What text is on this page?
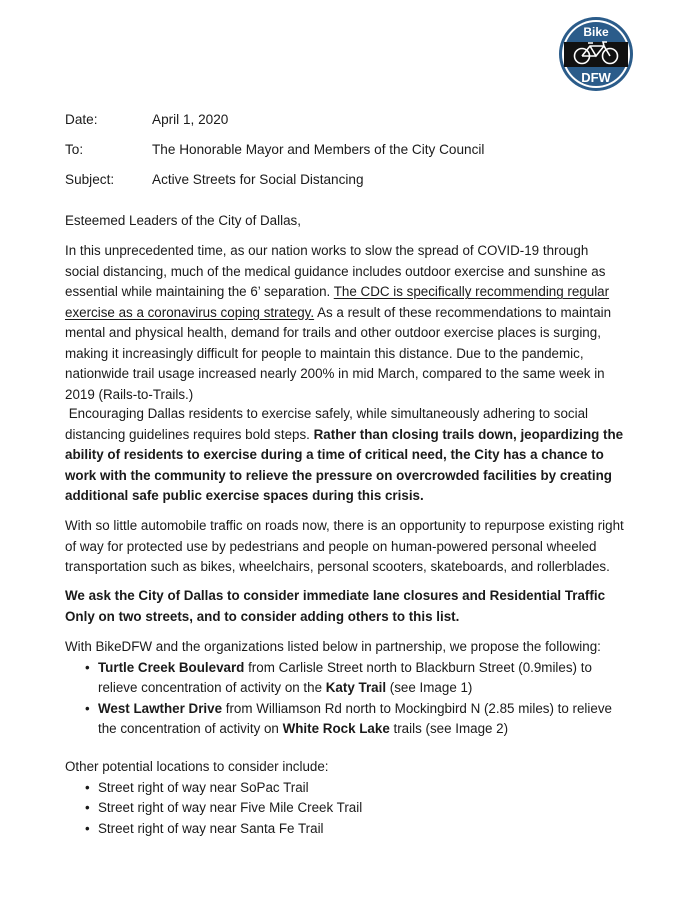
Bike
DFW
Date:	April 1, 2020
To:	The Honorable Mayor and Members of the City Council
Subject:	Active Streets for Social Distancing
Esteemed Leaders of the City of Dallas,
In this unprecedented time, as our nation works to slow the spread of COVID-19 through
social distancing, much of the medical guidance includes outdoor exercise and sunshine as
essential while maintaining the 6’ separation. The CDC is specifically recommending regular
exercise as a coronavirus coping strategy. As a result of these recommendations to maintain
mental and physical health, demand for trails and other outdoor exercise places is surging,
making it increasingly difficult for people to maintain this distance. Due to the pandemic,
nationwide trail usage increased nearly 200% in mid March, compared to the same week in
2019 (Rails-to-Trails.)
Encouraging Dallas residents to exercise safely, while simultaneously adhering to social
distancing guidelines requires bold steps. Rather than closing trails down, jeopardizing the
ability of residents to exercise during a time of critical need, the City has a chance to
work with the community to relieve the pressure on overcrowded facilities by creating
additional safe public exercise spaces during this crisis.
With so little automobile traffic on roads now, there is an opportunity to repurpose existing right
of way for protected use by pedestrians and people on human-powered personal wheeled
transportation such as bikes, wheelchairs, personal scooters, skateboards, and rollerblades.
We ask the City of Dallas to consider immediate lane closures and Residential Traffic
Only on two streets, and to consider adding others to this list.
With BikeDFW and the organizations listed below in partnership, we propose the following:
• Turtle Creek Boulevard from Carlisle Street north to Blackburn Street (0.9miles) to
relieve concentration of activity on the Katy Trail (see Image 1)
• West Lawther Drive from Williamson Rd north to Mockingbird N (2.85 miles) to relieve
the concentration of activity on White Rock Lake trails (see Image 2)
Other potential locations to consider include:
• Street right of way near SoPac Trail
• Street right of way near Five Mile Creek Trail
• Street right of way near Santa Fe Trail
